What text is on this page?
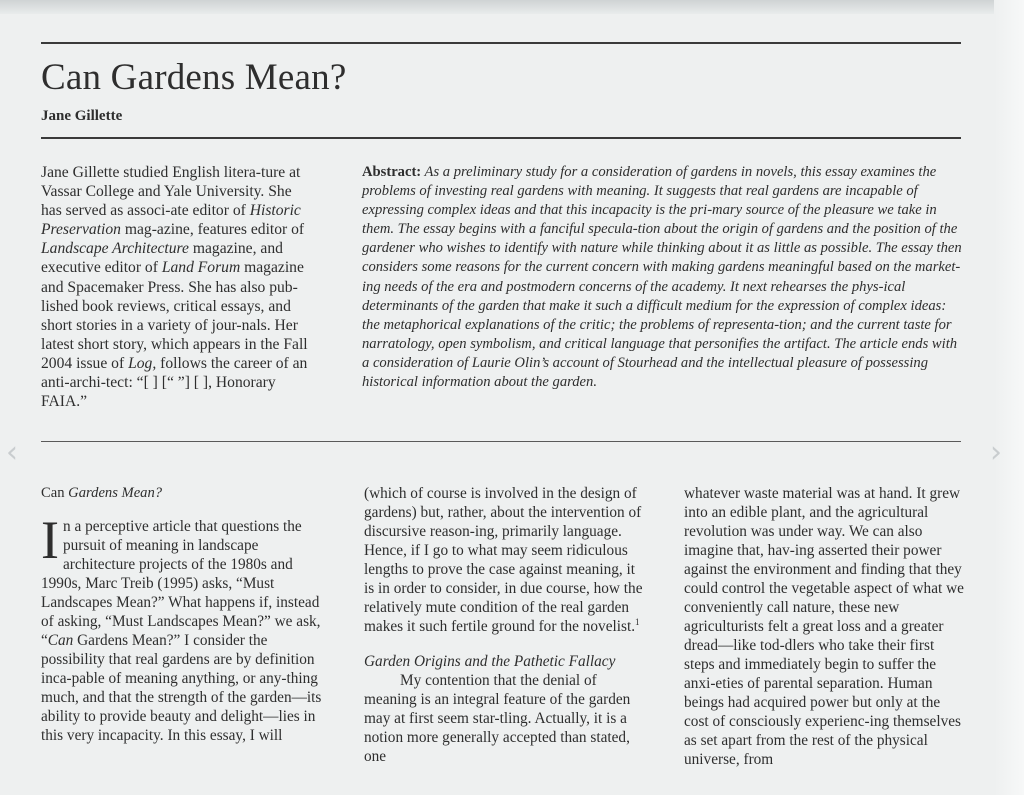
Can Gardens Mean?
Jane Gillette

Jane Gillette studied English litera-ture at Vassar College and Yale University. She has served as associ-ate editor of Historic Preservation mag-azine, features editor of Landscape Architecture magazine, and executive editor of Land Forum magazine and Spacemaker Press. She has also pub-lished book reviews, critical essays, and short stories in a variety of jour-nals. Her latest short story, which appears in the Fall 2004 issue of Log, follows the career of an anti-archi-tect: “[ ] [“ ”] [ ], Honorary FAIA.”

Abstract: As a preliminary study for a consideration of gardens in novels, this essay examines the problems of investing real gardens with meaning. It suggests that real gardens are incapable of expressing complex ideas and that this incapacity is the pri-mary source of the pleasure we take in them. The essay begins with a fanciful specula-tion about the origin of gardens and the position of the gardener who wishes to identify with nature while thinking about it as little as possible. The essay then considers some reasons for the current concern with making gardens meaningful based on the market-ing needs of the era and postmodern concerns of the academy. It next rehearses the phys-ical determinants of the garden that make it such a difficult medium for the expression of complex ideas: the metaphorical explanations of the critic; the problems of representa-tion; and the current taste for narratology, open symbolism, and critical language that personifies the artifact. The article ends with a consideration of Laurie Olin’s account of Stourhead and the intellectual pleasure of possessing historical information about the garden.

Can Gardens Mean?

In a perceptive article that questions the pursuit of meaning in landscape architecture projects of the 1980s and 1990s, Marc Treib (1995) asks, “Must Landscapes Mean?” What happens if, instead of asking, “Must Landscapes Mean?” we ask, “Can Gardens Mean?” I consider the possibility that real gardens are by definition inca-pable of meaning anything, or any-thing much, and that the strength of the garden—its ability to provide beauty and delight—lies in this very incapacity. In this essay, I will

(which of course is involved in the design of gardens) but, rather, about the intervention of discursive reason-ing, primarily language. Hence, if I go to what may seem ridiculous lengths to prove the case against meaning, it is in order to consider, in due course, how the relatively mute condition of the real garden makes it such fertile ground for the novelist.$^1$

Garden Origins and the Pathetic Fallacy

My contention that the denial of meaning is an integral feature of the garden may at first seem star-tling. Actually, it is a notion more generally accepted than stated, one

whatever waste material was at hand. It grew into an edible plant, and the agricultural revolution was under way. We can also imagine that, hav-ing asserted their power against the environment and finding that they could control the vegetable aspect of what we conveniently call nature, these new agriculturists felt a great loss and a greater dread—like tod-dlers who take their first steps and immediately begin to suffer the anxi-eties of parental separation. Human beings had acquired power but only at the cost of consciously experienc-ing themselves as set apart from the rest of the physical universe, from

‹	›
